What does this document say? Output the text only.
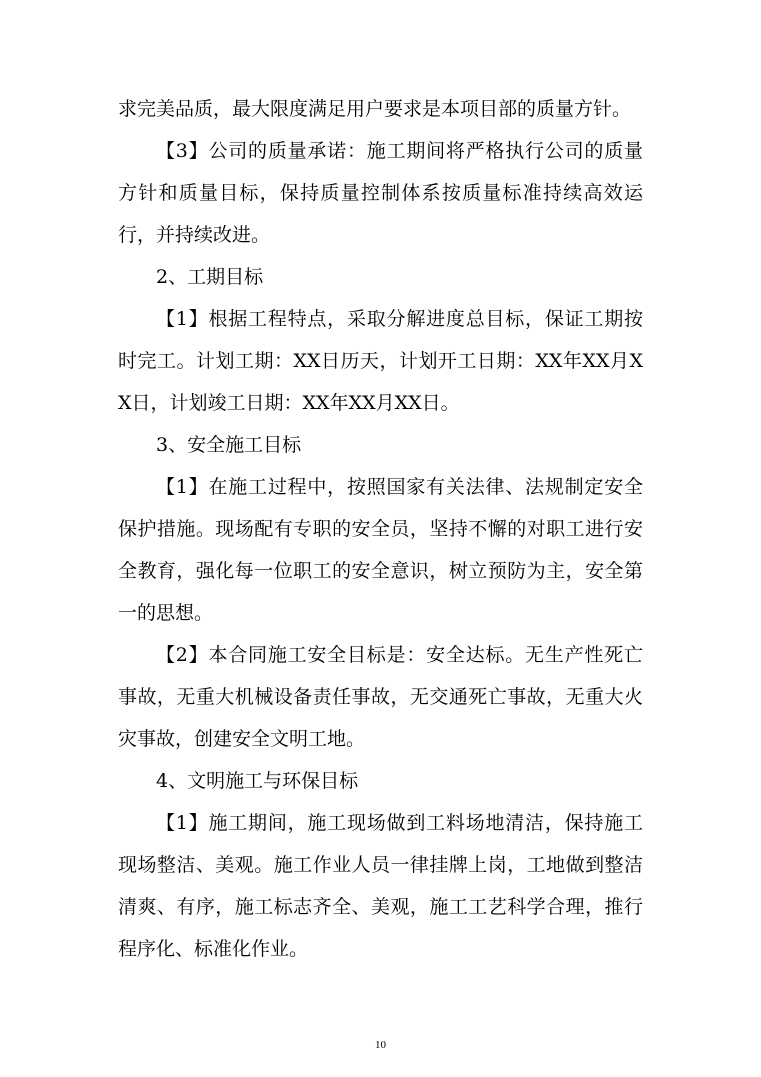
求完美品质，最大限度满足用户要求是本项目部的质量方针。

【3】公司的质量承诺：施工期间将严格执行公司的质量方针和质量目标，保持质量控制体系按质量标准持续高效运行，并持续改进。

2、工期目标

【1】根据工程特点，采取分解进度总目标，保证工期按时完工。计划工期：XX日历天，计划开工日期：XX年XX月XX日，计划竣工日期：XX年XX月XX日。

3、安全施工目标

【1】在施工过程中，按照国家有关法律、法规制定安全保护措施。现场配有专职的安全员，坚持不懈的对职工进行安全教育，强化每一位职工的安全意识，树立预防为主，安全第一的思想。

【2】本合同施工安全目标是：安全达标。无生产性死亡事故，无重大机械设备责任事故，无交通死亡事故，无重大火灾事故，创建安全文明工地。

4、文明施工与环保目标

【1】施工期间，施工现场做到工料场地清洁，保持施工现场整洁、美观。施工作业人员一律挂牌上岗，工地做到整洁清爽、有序，施工标志齐全、美观，施工工艺科学合理，推行程序化、标准化作业。

10
